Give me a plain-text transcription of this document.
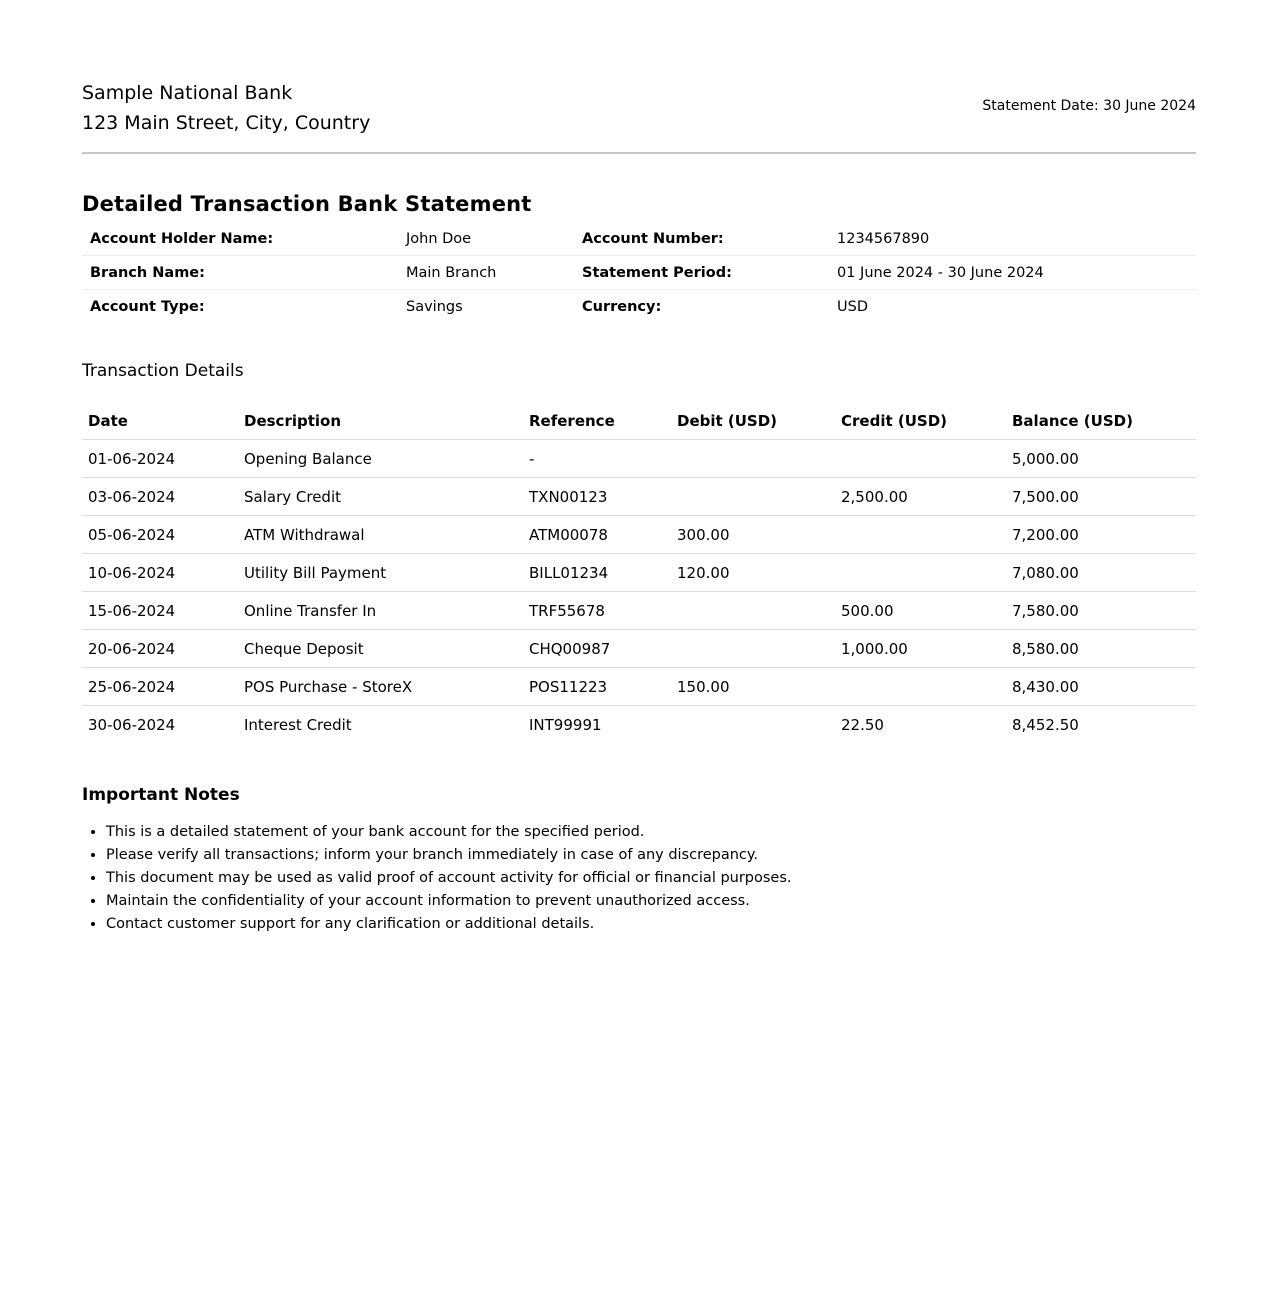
Sample National Bank
123 Main Street, City, Country
Statement Date: 30 June 2024
Detailed Transaction Bank Statement
Account Holder Name:	John Doe	Account Number:	1234567890
Branch Name:	Main Branch	Statement Period:	01 June 2024 - 30 June 2024
Account Type:	Savings	Currency:	USD
Transaction Details
Date	Description	Reference	Debit (USD)	Credit (USD)	Balance (USD)
01-06-2024	Opening Balance	-			5,000.00
03-06-2024	Salary Credit	TXN00123		2,500.00	7,500.00
05-06-2024	ATM Withdrawal	ATM00078	300.00		7,200.00
10-06-2024	Utility Bill Payment	BILL01234	120.00		7,080.00
15-06-2024	Online Transfer In	TRF55678		500.00	7,580.00
20-06-2024	Cheque Deposit	CHQ00987		1,000.00	8,580.00
25-06-2024	POS Purchase - StoreX	POS11223	150.00		8,430.00
30-06-2024	Interest Credit	INT99991		22.50	8,452.50
Important Notes
• This is a detailed statement of your bank account for the specified period.
• Please verify all transactions; inform your branch immediately in case of any discrepancy.
• This document may be used as valid proof of account activity for official or financial purposes.
• Maintain the confidentiality of your account information to prevent unauthorized access.
• Contact customer support for any clarification or additional details.
